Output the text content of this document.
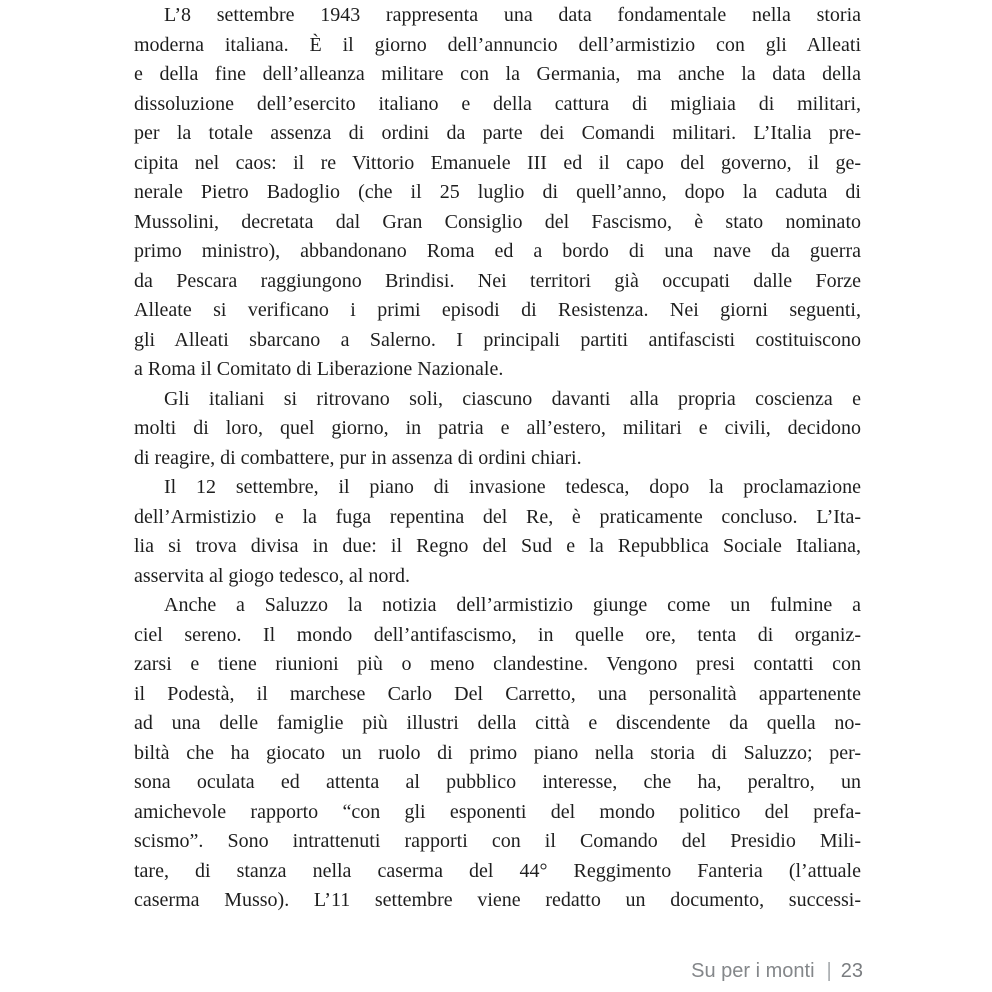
L’8 settembre 1943 rappresenta una data fondamentale nella storia
moderna italiana. È il giorno dell’annuncio dell’armistizio con gli Alleati
e della fine dell’alleanza militare con la Germania, ma anche la data della
dissoluzione dell’esercito italiano e della cattura di migliaia di militari,
per la totale assenza di ordini da parte dei Comandi militari. L’Italia pre-
cipita nel caos: il re Vittorio Emanuele III ed il capo del governo, il ge-
nerale Pietro Badoglio (che il 25 luglio di quell’anno, dopo la caduta di
Mussolini, decretata dal Gran Consiglio del Fascismo, è stato nominato
primo ministro), abbandonano Roma ed a bordo di una nave da guerra
da Pescara raggiungono Brindisi. Nei territori già occupati dalle Forze
Alleate si verificano i primi episodi di Resistenza. Nei giorni seguenti,
gli Alleati sbarcano a Salerno. I principali partiti antifascisti costituiscono
a Roma il Comitato di Liberazione Nazionale.
Gli italiani si ritrovano soli, ciascuno davanti alla propria coscienza e
molti di loro, quel giorno, in patria e all’estero, militari e civili, decidono
di reagire, di combattere, pur in assenza di ordini chiari.
Il 12 settembre, il piano di invasione tedesca, dopo la proclamazione
dell’Armistizio e la fuga repentina del Re, è praticamente concluso. L’Ita-
lia si trova divisa in due: il Regno del Sud e la Repubblica Sociale Italiana,
asservita al giogo tedesco, al nord.
Anche a Saluzzo la notizia dell’armistizio giunge come un fulmine a
ciel sereno. Il mondo dell’antifascismo, in quelle ore, tenta di organiz-
zarsi e tiene riunioni più o meno clandestine. Vengono presi contatti con
il Podestà, il marchese Carlo Del Carretto, una personalità appartenente
ad una delle famiglie più illustri della città e discendente da quella no-
biltà che ha giocato un ruolo di primo piano nella storia di Saluzzo; per-
sona oculata ed attenta al pubblico interesse, che ha, peraltro, un
amichevole rapporto “con gli esponenti del mondo politico del prefa-
scismo”. Sono intrattenuti rapporti con il Comando del Presidio Mili-
tare, di stanza nella caserma del 44° Reggimento Fanteria (l’attuale
caserma Musso). L’11 settembre viene redatto un documento, successi-
Su per i monti | 23
